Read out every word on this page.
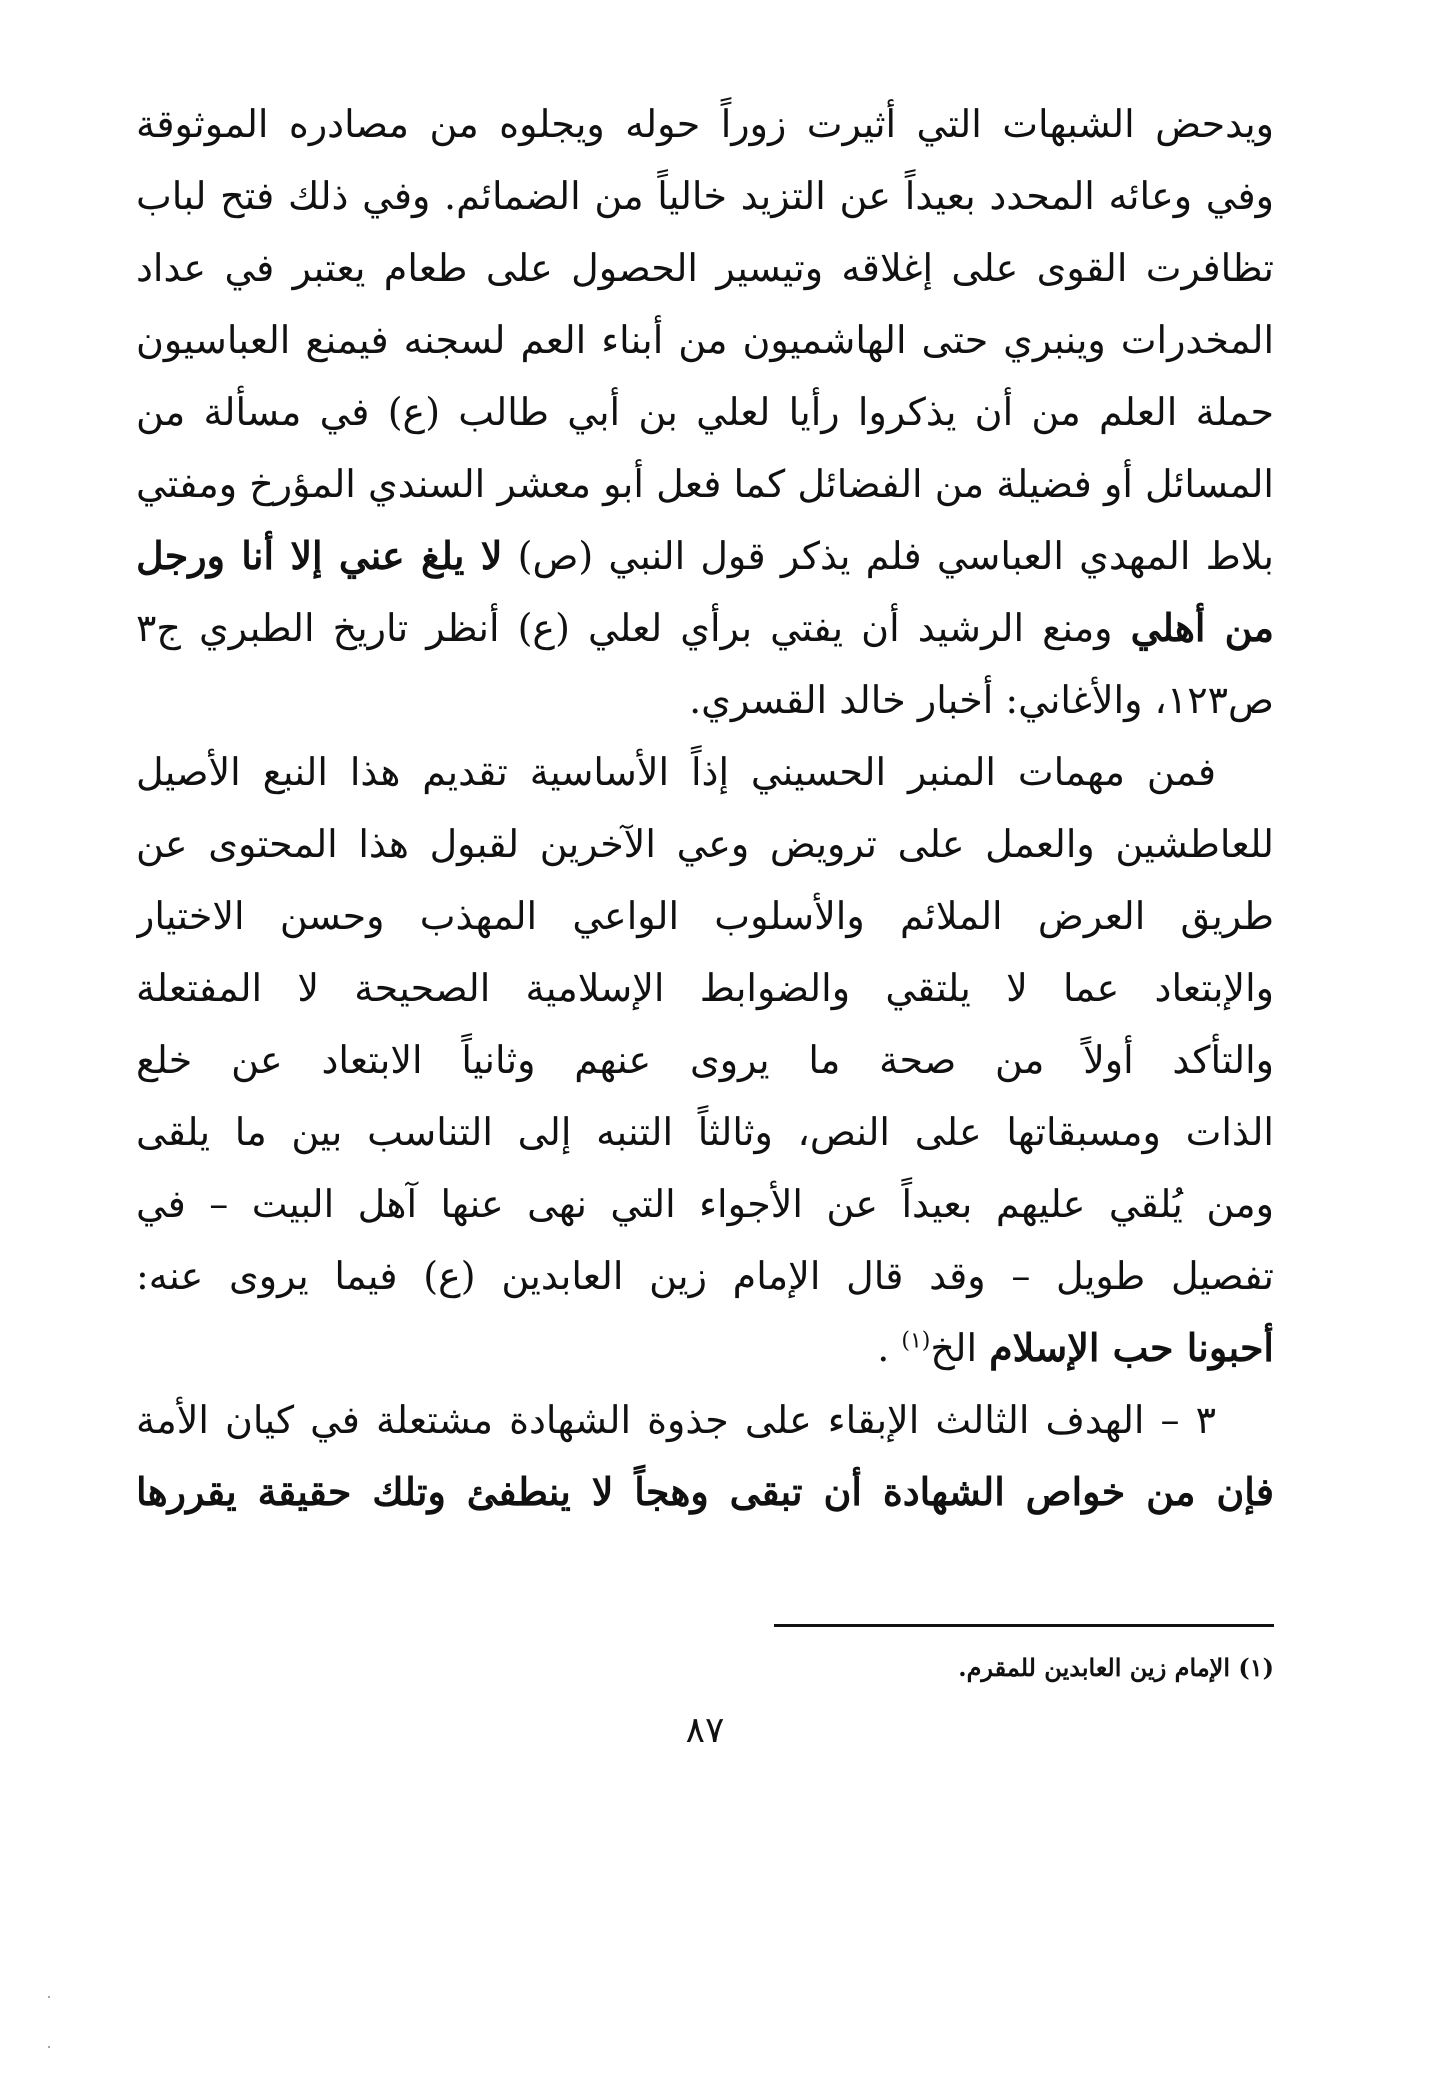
ويدحض الشبهات التي أثيرت زوراً حوله ويجلوه من مصادره الموثوقة
وفي وعائه المحدد بعيداً عن التزيد خالياً من الضمائم. وفي ذلك فتح لباب
تظافرت القوى على إغلاقه وتيسير الحصول على طعام يعتبر في عداد
المخدرات وينبري حتى الهاشميون من أبناء العم لسجنه فيمنع العباسيون
حملة العلم من أن يذكروا رأيا لعلي بن أبي طالب (ع) في مسألة من
المسائل أو فضيلة من الفضائل كما فعل أبو معشر السندي المؤرخ ومفتي
بلاط المهدي العباسي فلم يذكر قول النبي (ص) لا يلغ عني إلا أنا ورجل
من أهلي ومنع الرشيد أن يفتي برأي لعلي (ع) أنظر تاريخ الطبري ج٣
ص١٢٣، والأغاني: أخبار خالد القسري.
فمن مهمات المنبر الحسيني إذاً الأساسية تقديم هذا النبع الأصيل
للعاطشين والعمل على ترويض وعي الآخرين لقبول هذا المحتوى عن
طريق العرض الملائم والأسلوب الواعي المهذب وحسن الاختيار
والإبتعاد عما لا يلتقي والضوابط الإسلامية الصحيحة لا المفتعلة
والتأكد أولاً من صحة ما يروى عنهم وثانياً الابتعاد عن خلع
الذات ومسبقاتها على النص، وثالثاً التنبه إلى التناسب بين ما يلقى
ومن يُلقي عليهم بعيداً عن الأجواء التي نهى عنها آهل البيت – في
تفصيل طويل – وقد قال الإمام زين العابدين (ع) فيما يروى عنه:
أحبونا حب الإسلام الخ$^{(١)}$ .
٣ – الهدف الثالث الإبقاء على جذوة الشهادة مشتعلة في كيان الأمة
فإن من خواص الشهادة أن تبقى وهجاً لا ينطفئ وتلك حقيقة يقررها
(١) الإمام زين العابدين للمقرم.
٨٧
